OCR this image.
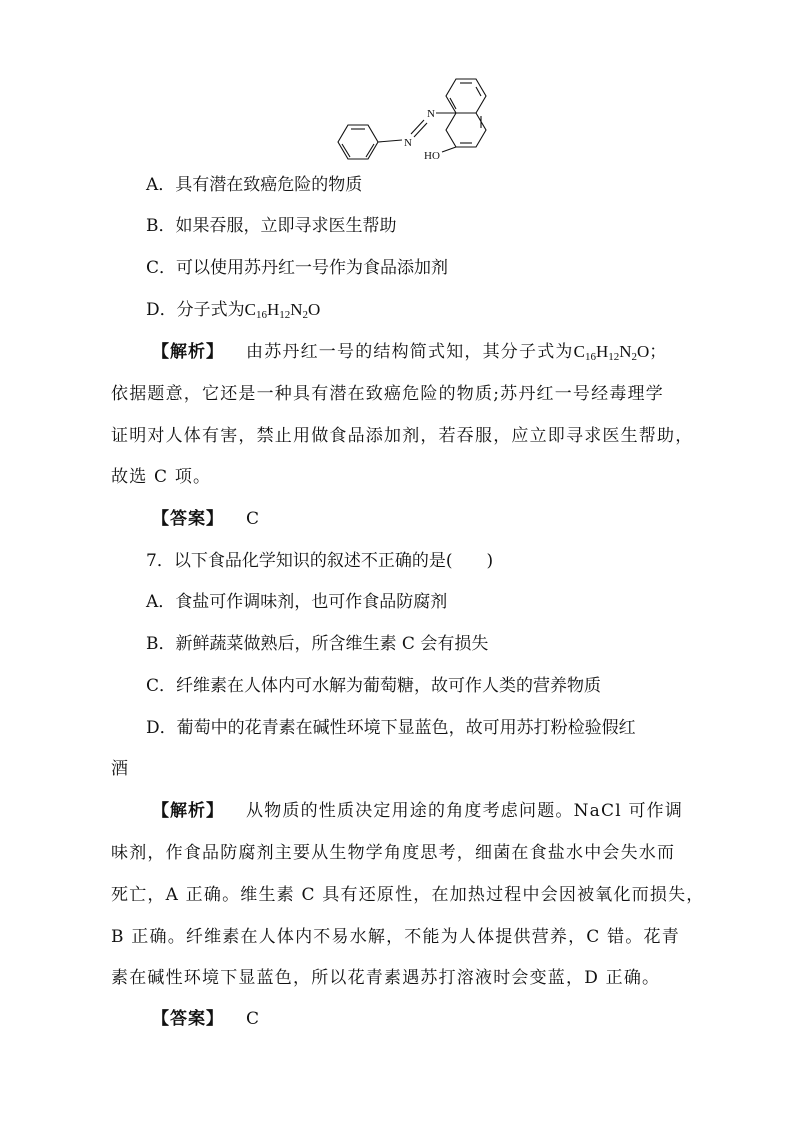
N
N
HO
A．具有潜在致癌危险的物质
B．如果吞服，立即寻求医生帮助
C．可以使用苏丹红一号作为食品添加剂
D．分子式为$C_{16}H_{12}N_2O$
【解析】 由苏丹红一号的结构简式知，其分子式为$C_{16}H_{12}N_2O$；
依据题意，它还是一种具有潜在致癌危险的物质;苏丹红一号经毒理学
证明对人体有害，禁止用做食品添加剂，若吞服，应立即寻求医生帮助，
故选 C 项。
【答案】 C
7．以下食品化学知识的叙述不正确的是(　　)
A．食盐可作调味剂，也可作食品防腐剂
B．新鲜蔬菜做熟后，所含维生素 C 会有损失
C．纤维素在人体内可水解为葡萄糖，故可作人类的营养物质
D．葡萄中的花青素在碱性环境下显蓝色，故可用苏打粉检验假红
酒
【解析】 从物质的性质决定用途的角度考虑问题。NaCl 可作调
味剂，作食品防腐剂主要从生物学角度思考，细菌在食盐水中会失水而
死亡，A 正确。维生素 C 具有还原性，在加热过程中会因被氧化而损失，
B 正确。纤维素在人体内不易水解，不能为人体提供营养，C 错。花青
素在碱性环境下显蓝色，所以花青素遇苏打溶液时会变蓝，D 正确。
【答案】 C
